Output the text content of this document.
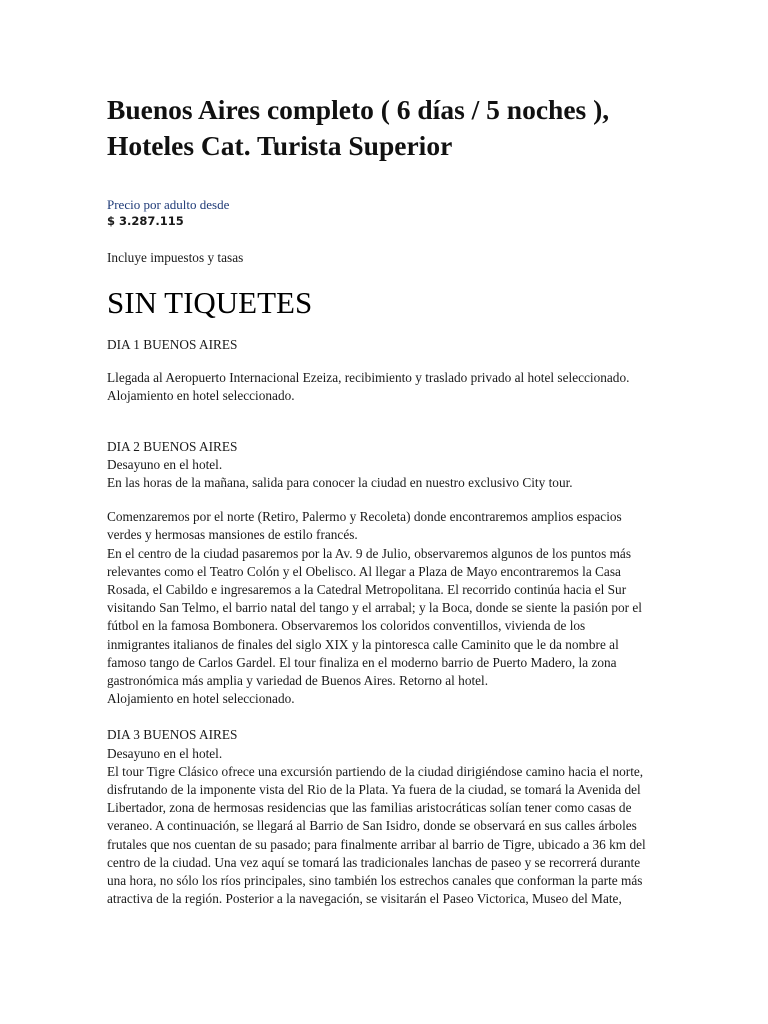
Buenos Aires completo ( 6 días / 5 noches ), Hoteles Cat. Turista Superior
Precio por adulto desde
$ 3.287.115
Incluye impuestos y tasas
SIN TIQUETES

DIA 1 BUENOS AIRES

Llegada al Aeropuerto Internacional Ezeiza, recibimiento y traslado privado al hotel seleccionado. Alojamiento en hotel seleccionado.

DIA 2 BUENOS AIRES

Desayuno en el hotel.

En las horas de la mañana, salida para conocer la ciudad en nuestro exclusivo City tour.

Comenzaremos por el norte (Retiro, Palermo y Recoleta) donde encontraremos amplios espacios verdes y hermosas mansiones de estilo francés.

En el centro de la ciudad pasaremos por la Av. 9 de Julio, observaremos algunos de los puntos más relevantes como el Teatro Colón y el Obelisco. Al llegar a Plaza de Mayo encontraremos la Casa Rosada, el Cabildo e ingresaremos a la Catedral Metropolitana. El recorrido continúa hacia el Sur visitando San Telmo, el barrio natal del tango y el arrabal; y la Boca, donde se siente la pasión por el fútbol en la famosa Bombonera. Observaremos los coloridos conventillos, vivienda de los inmigrantes italianos de finales del siglo XIX y la pintoresca calle Caminito que le da nombre al famoso tango de Carlos Gardel. El tour finaliza en el moderno barrio de Puerto Madero, la zona gastronómica más amplia y variedad de Buenos Aires. Retorno al hotel.

Alojamiento en hotel seleccionado.

DIA 3 BUENOS AIRES

Desayuno en el hotel.

El tour Tigre Clásico ofrece una excursión partiendo de la ciudad dirigiéndose camino hacia el norte, disfrutando de la imponente vista del Rio de la Plata. Ya fuera de la ciudad, se tomará la Avenida del Libertador, zona de hermosas residencias que las familias aristocráticas solían tener como casas de veraneo. A continuación, se llegará al Barrio de San Isidro, donde se observará en sus calles árboles frutales que nos cuentan de su pasado; para finalmente arribar al barrio de Tigre, ubicado a 36 km del centro de la ciudad. Una vez aquí se tomará las tradicionales lanchas de paseo y se recorrerá durante una hora, no sólo los ríos principales, sino también los estrechos canales que conforman la parte más atractiva de la región. Posterior a la navegación, se visitarán el Paseo Victorica, Museo del Mate,
